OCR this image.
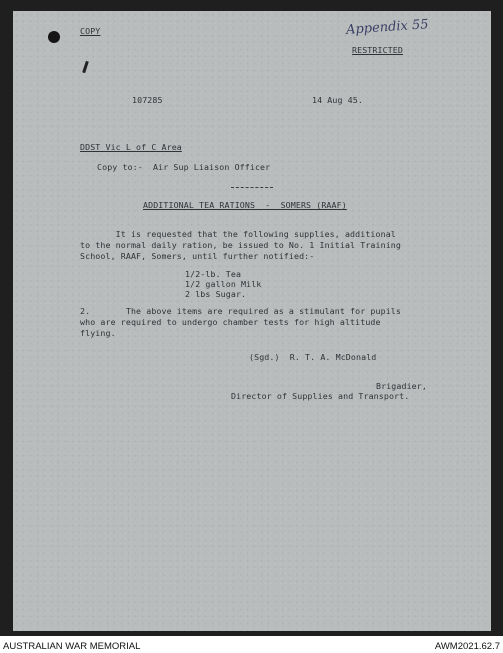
COPY	Appendix 55
RESTRICTED
107285	14 Aug 45.
DDST Vic L of C Area
Copy to:-  Air Sup Liaison Officer
ADDITIONAL TEA RATIONS  -  SOMERS (RAAF)
It is requested that the following supplies, additional
to the normal daily ration, be issued to No. 1 Initial Training
School, RAAF, Somers, until further notified:-
1/2-lb. Tea
1/2 gallon Milk
2 lbs Sugar.
2.       The above items are required as a stimulant for pupils
who are required to undergo chamber tests for high altitude
flying.
(Sgd.)  R. T. A. McDonald
Brigadier,
Director of Supplies and Transport.
AUSTRALIAN WAR MEMORIAL	AWM2021.62.7
